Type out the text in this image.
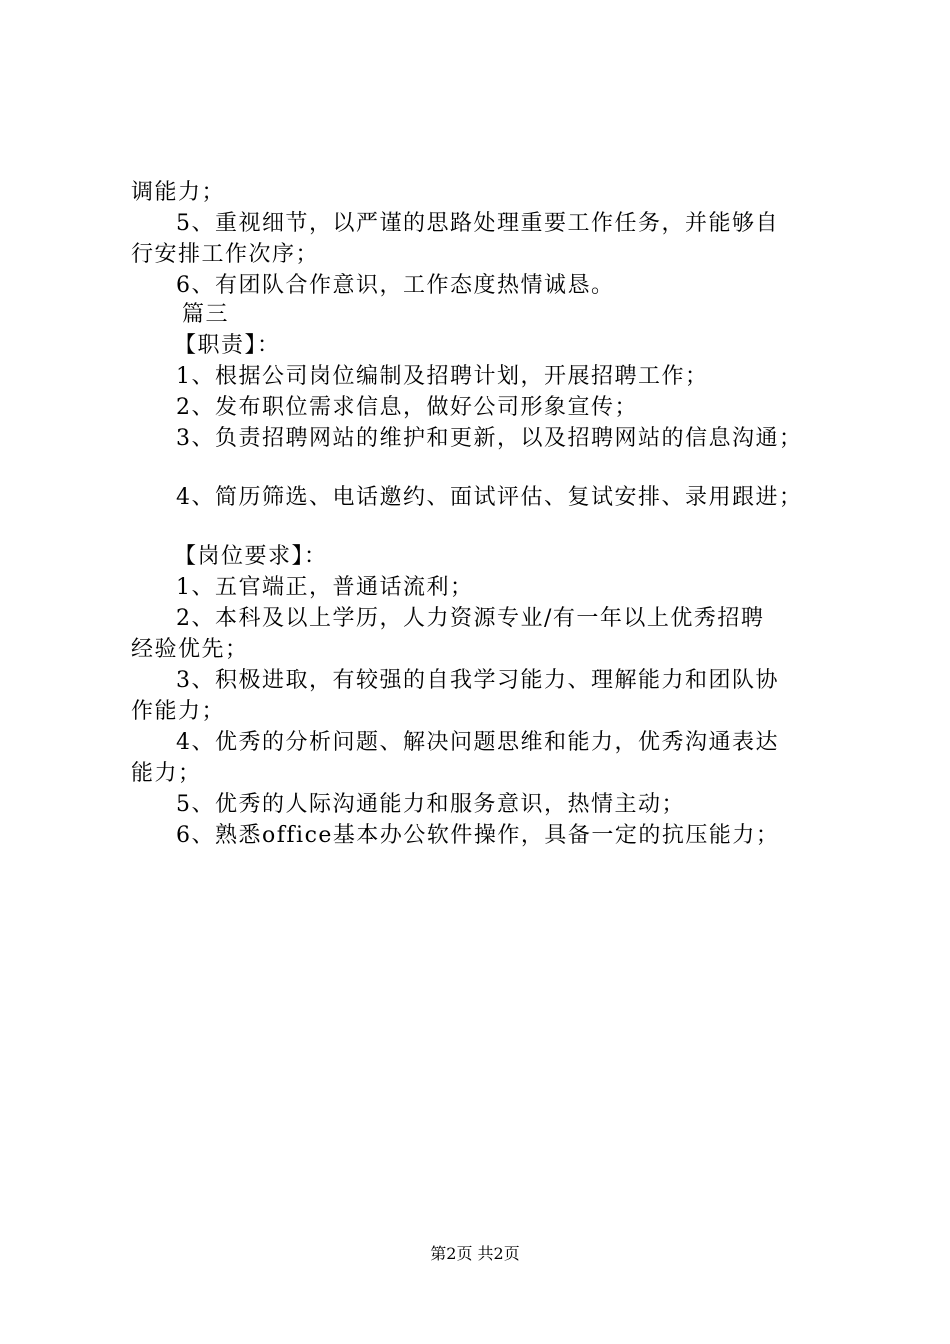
调能力；
5、重视细节，以严谨的思路处理重要工作任务，并能够自
行安排工作次序；
6、有团队合作意识，工作态度热情诚恳。
篇三
【职责】：
1、根据公司岗位编制及招聘计划，开展招聘工作；
2、发布职位需求信息，做好公司形象宣传；
3、负责招聘网站的维护和更新，以及招聘网站的信息沟通；
4、简历筛选、电话邀约、面试评估、复试安排、录用跟进；
【岗位要求】：
1、五官端正，普通话流利；
2、本科及以上学历，人力资源专业/有一年以上优秀招聘
经验优先；
3、积极进取，有较强的自我学习能力、理解能力和团队协
作能力；
4、优秀的分析问题、解决问题思维和能力，优秀沟通表达
能力；
5、优秀的人际沟通能力和服务意识，热情主动；
6、熟悉office基本办公软件操作，具备一定的抗压能力；
第2页 共2页
